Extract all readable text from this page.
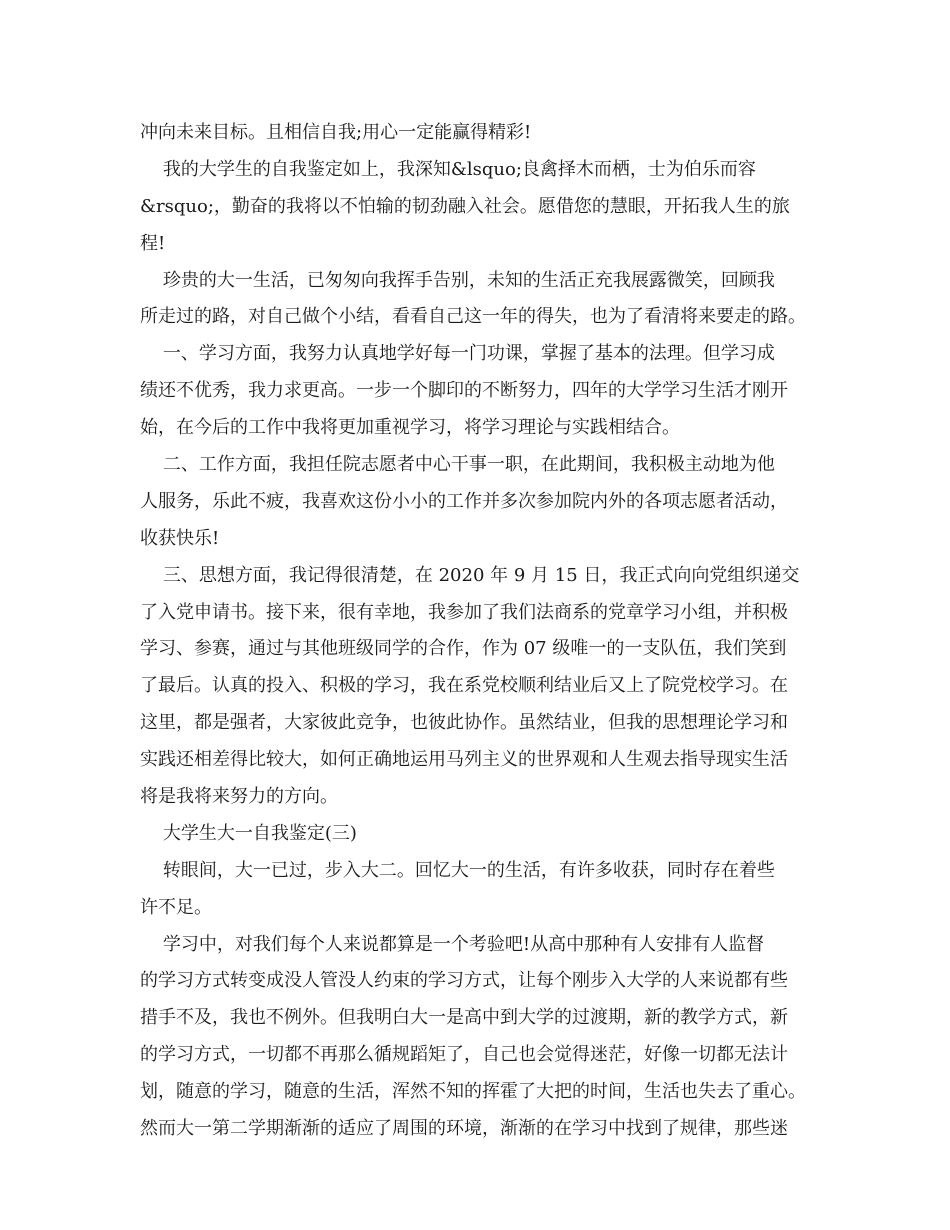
冲向未来目标。且相信自我;用心一定能赢得精彩!
我的大学生的自我鉴定如上，我深知&lsquo;良禽择木而栖，士为伯乐而容
&rsquo;，勤奋的我将以不怕输的韧劲融入社会。愿借您的慧眼，开拓我人生的旅
程!
珍贵的大一生活，已匆匆向我挥手告别，未知的生活正充我展露微笑，回顾我
所走过的路，对自己做个小结，看看自己这一年的得失，也为了看清将来要走的路。
一、学习方面，我努力认真地学好每一门功课，掌握了基本的法理。但学习成
绩还不优秀，我力求更高。一步一个脚印的不断努力，四年的大学学习生活才刚开
始，在今后的工作中我将更加重视学习，将学习理论与实践相结合。
二、工作方面，我担任院志愿者中心干事一职，在此期间，我积极主动地为他
人服务，乐此不疲，我喜欢这份小小的工作并多次参加院内外的各项志愿者活动，
收获快乐!
三、思想方面，我记得很清楚，在 2020 年 9 月 15 日，我正式向向党组织递交
了入党申请书。接下来，很有幸地，我参加了我们法商系的党章学习小组，并积极
学习、参赛，通过与其他班级同学的合作，作为 07 级唯一的一支队伍，我们笑到
了最后。认真的投入、积极的学习，我在系党校顺利结业后又上了院党校学习。在
这里，都是强者，大家彼此竞争，也彼此协作。虽然结业，但我的思想理论学习和
实践还相差得比较大，如何正确地运用马列主义的世界观和人生观去指导现实生活
将是我将来努力的方向。
大学生大一自我鉴定(三)
转眼间，大一已过，步入大二。回忆大一的生活，有许多收获，同时存在着些
许不足。
学习中，对我们每个人来说都算是一个考验吧!从高中那种有人安排有人监督
的学习方式转变成没人管没人约束的学习方式，让每个刚步入大学的人来说都有些
措手不及，我也不例外。但我明白大一是高中到大学的过渡期，新的教学方式，新
的学习方式，一切都不再那么循规蹈矩了，自己也会觉得迷茫，好像一切都无法计
划，随意的学习，随意的生活，浑然不知的挥霍了大把的时间，生活也失去了重心。
然而大一第二学期渐渐的适应了周围的环境，渐渐的在学习中找到了规律，那些迷
